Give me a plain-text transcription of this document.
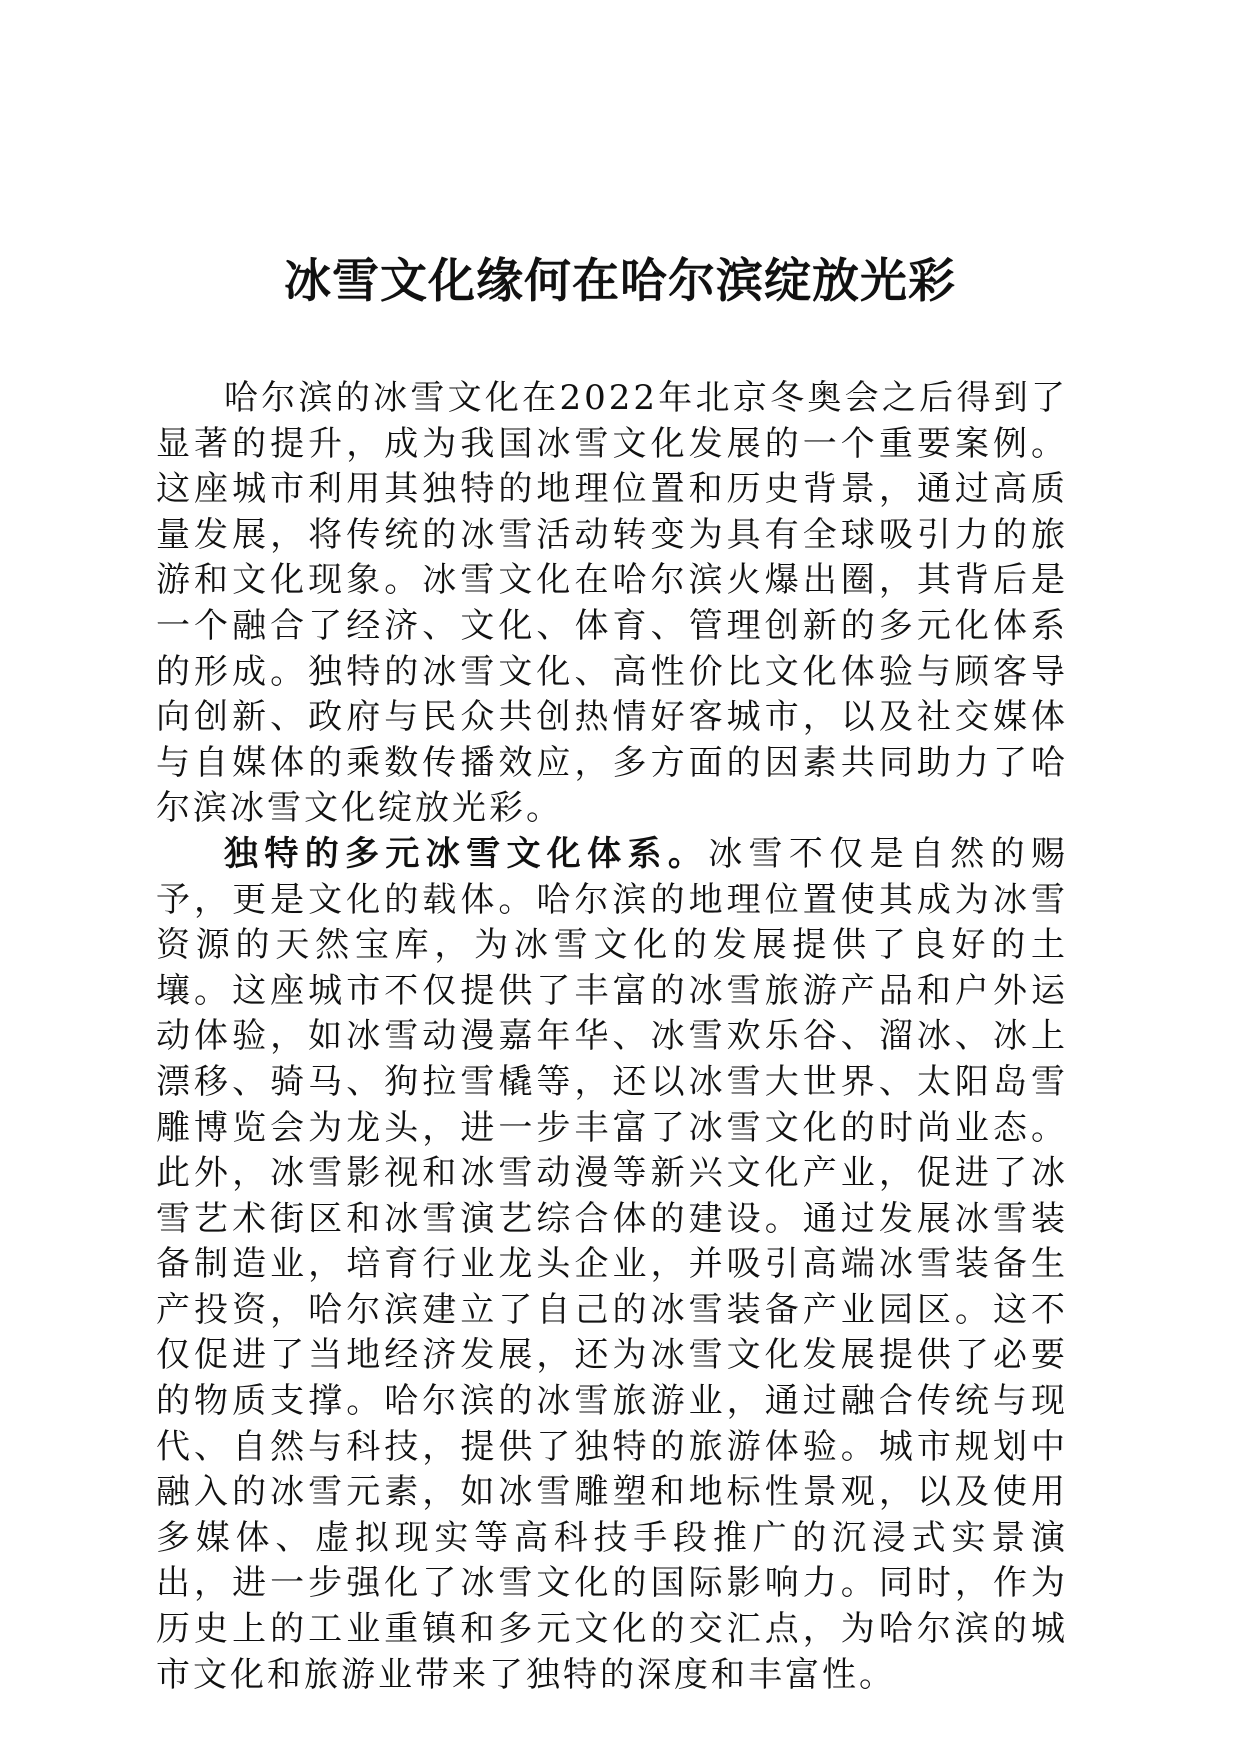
冰雪文化缘何在哈尔滨绽放光彩

哈尔滨的冰雪文化在2022年北京冬奥会之后得到了显著的提升，成为我国冰雪文化发展的一个重要案例。这座城市利用其独特的地理位置和历史背景，通过高质量发展，将传统的冰雪活动转变为具有全球吸引力的旅游和文化现象。冰雪文化在哈尔滨火爆出圈，其背后是一个融合了经济、文化、体育、管理创新的多元化体系的形成。独特的冰雪文化、高性价比文化体验与顾客导向创新、政府与民众共创热情好客城市，以及社交媒体与自媒体的乘数传播效应，多方面的因素共同助力了哈尔滨冰雪文化绽放光彩。

独特的多元冰雪文化体系。冰雪不仅是自然的赐予，更是文化的载体。哈尔滨的地理位置使其成为冰雪资源的天然宝库，为冰雪文化的发展提供了良好的土壤。这座城市不仅提供了丰富的冰雪旅游产品和户外运动体验，如冰雪动漫嘉年华、冰雪欢乐谷、溜冰、冰上漂移、骑马、狗拉雪橇等，还以冰雪大世界、太阳岛雪雕博览会为龙头，进一步丰富了冰雪文化的时尚业态。此外，冰雪影视和冰雪动漫等新兴文化产业，促进了冰雪艺术街区和冰雪演艺综合体的建设。通过发展冰雪装备制造业，培育行业龙头企业，并吸引高端冰雪装备生产投资，哈尔滨建立了自己的冰雪装备产业园区。这不仅促进了当地经济发展，还为冰雪文化发展提供了必要的物质支撑。哈尔滨的冰雪旅游业，通过融合传统与现代、自然与科技，提供了独特的旅游体验。城市规划中融入的冰雪元素，如冰雪雕塑和地标性景观，以及使用多媒体、虚拟现实等高科技手段推广的沉浸式实景演出，进一步强化了冰雪文化的国际影响力。同时，作为历史上的工业重镇和多元文化的交汇点，为哈尔滨的城市文化和旅游业带来了独特的深度和丰富性。
